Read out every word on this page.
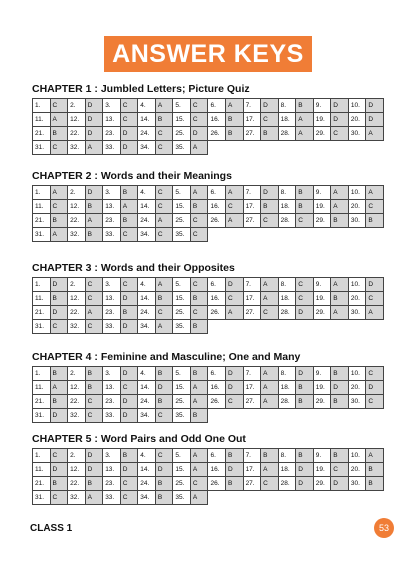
ANSWER KEYS
CHAPTER 1 : Jumbled Letters; Picture Quiz
1.	C	2.	D	3.	C	4.	A	5.	C	6.	A	7.	D	8.	B	9.	D	10.	D
11.	A	12.	D	13.	C	14.	B	15.	C	16.	B	17.	C	18.	A	19.	D	20.	D
21.	B	22.	D	23.	D	24.	C	25.	D	26.	B	27.	B	28.	A	29.	C	30.	A
31.	C	32.	A	33.	D	34.	C	35.	A										
CHAPTER 2 : Words and their Meanings
1.	A	2.	D	3.	B	4.	C	5.	A	6.	A	7.	D	8.	B	9.	A	10.	A
11.	C	12.	B	13.	A	14.	C	15.	B	16.	C	17.	B	18.	B	19.	A	20.	C
21.	B	22.	A	23.	B	24.	A	25.	C	26.	A	27.	C	28.	C	29.	B	30.	B
31.	A	32.	B	33.	C	34.	C	35.	C										
CHAPTER 3 : Words and their Opposites
1.	D	2.	C	3.	C	4.	A	5.	C	6.	D	7.	A	8.	C	9.	A	10.	D
11.	B	12.	C	13.	D	14.	B	15.	B	16.	C	17.	A	18.	C	19.	B	20.	C
21.	D	22.	A	23.	B	24.	C	25.	C	26.	A	27.	C	28.	D	29.	A	30.	A
31.	C	32.	C	33.	D	34.	A	35.	B										
CHAPTER 4 : Feminine and Masculine; One and Many
1.	B	2.	B	3.	D	4.	B	5.	B	6.	D	7.	A	8.	D	9.	B	10.	C
11.	A	12.	B	13.	C	14.	D	15.	A	16.	D	17.	A	18.	B	19.	D	20.	D
21.	B	22.	C	23.	D	24.	B	25.	A	26.	C	27.	A	28.	B	29.	B	30.	C
31.	D	32.	C	33.	D	34.	C	35.	B										
CHAPTER 5 : Word Pairs and Odd One Out
1.	C	2.	D	3.	B	4.	C	5.	A	6.	B	7.	B	8.	B	9.	B	10.	A
11.	D	12.	D	13.	D	14.	D	15.	A	16.	D	17.	A	18.	D	19.	C	20.	B
21.	B	22.	B	23.	C	24.	B	25.	C	26.	B	27.	C	28.	D	29.	D	30.	B
31.	C	32.	A	33.	C	34.	B	35.	A										
CLASS 1	53
